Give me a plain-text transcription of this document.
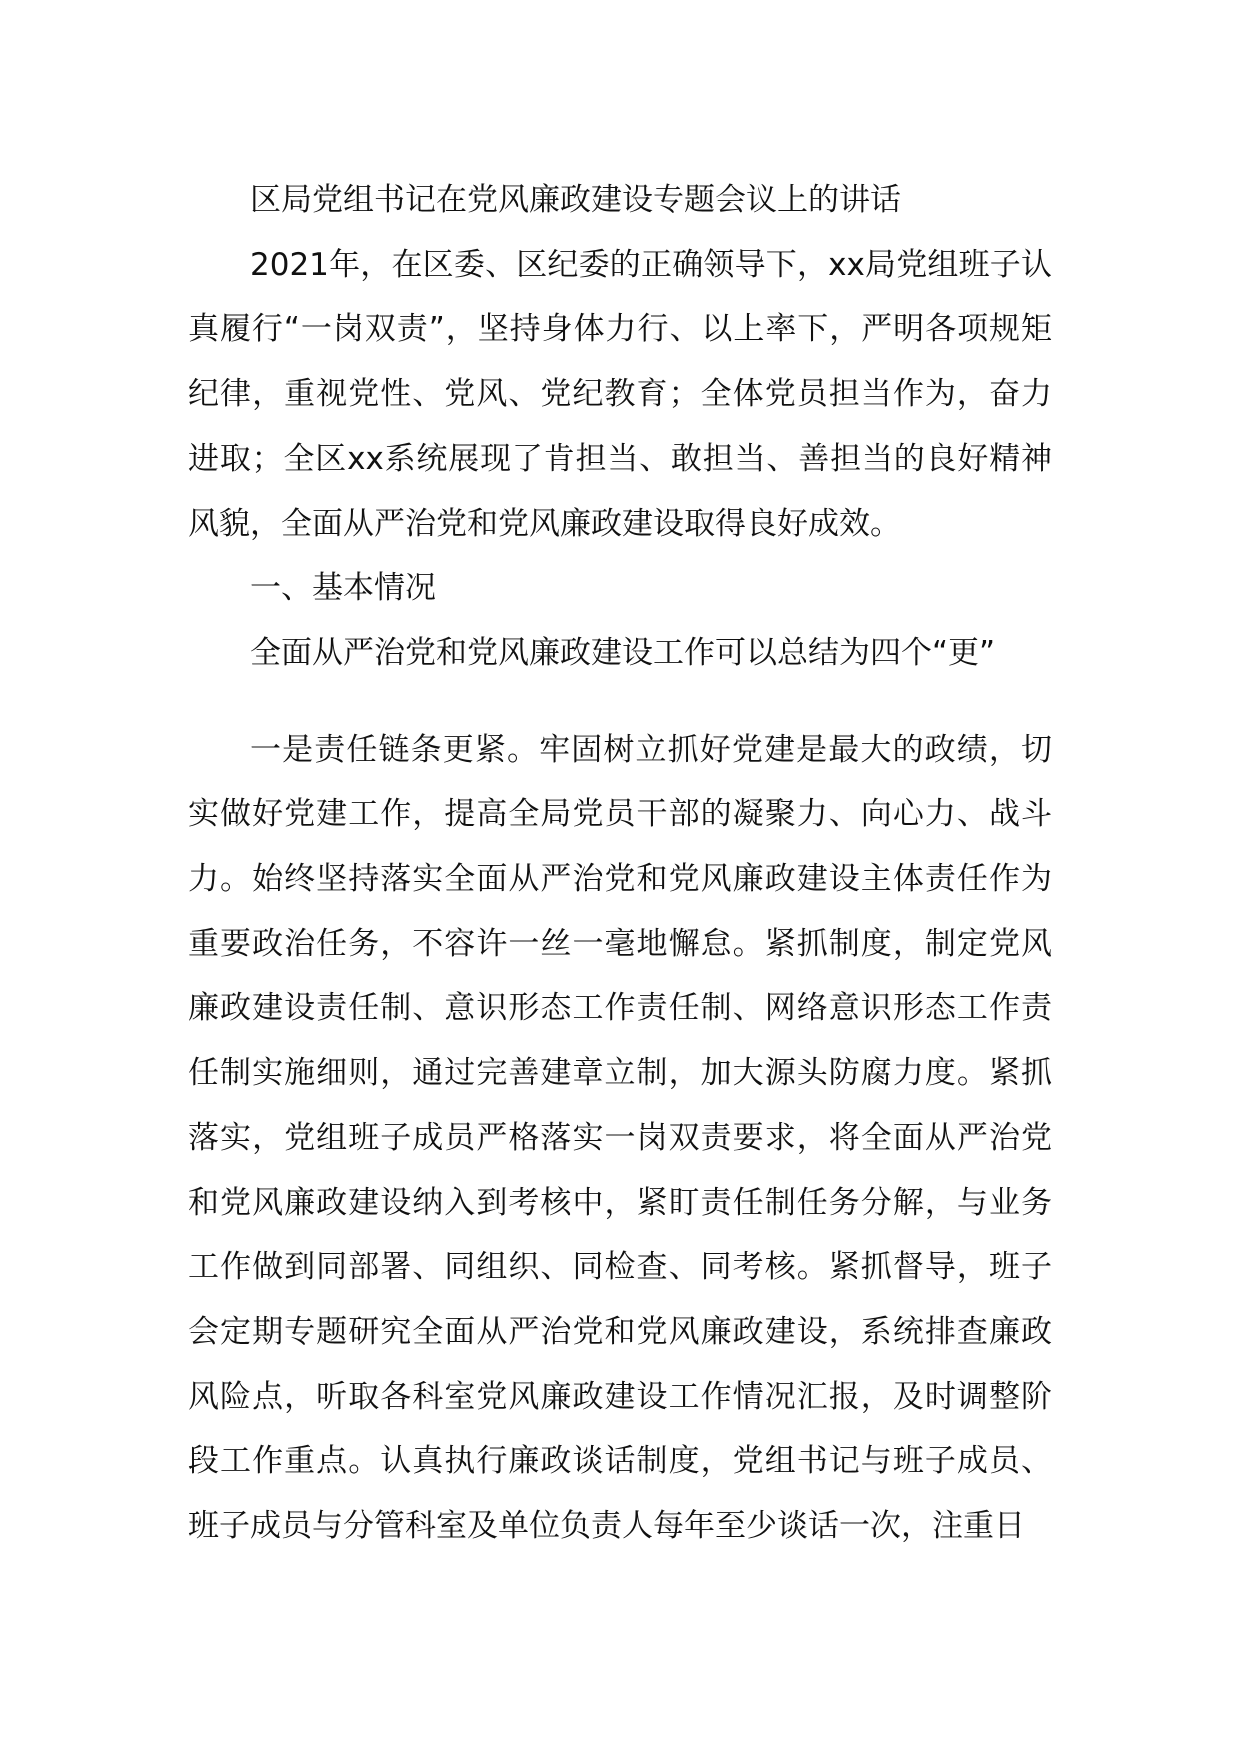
区局党组书记在党风廉政建设专题会议上的讲话

2021年，在区委、区纪委的正确领导下，xx局党组班子认真履行“一岗双责”，坚持身体力行、以上率下，严明各项规矩纪律，重视党性、党风、党纪教育；全体党员担当作为，奋力进取；全区xx系统展现了肯担当、敢担当、善担当的良好精神风貌，全面从严治党和党风廉政建设取得良好成效。

一、基本情况

全面从严治党和党风廉政建设工作可以总结为四个“更”

一是责任链条更紧。牢固树立抓好党建是最大的政绩，切实做好党建工作，提高全局党员干部的凝聚力、向心力、战斗力。始终坚持落实全面从严治党和党风廉政建设主体责任作为重要政治任务，不容许一丝一毫地懈怠。紧抓制度，制定党风廉政建设责任制、意识形态工作责任制、网络意识形态工作责任制实施细则，通过完善建章立制，加大源头防腐力度。紧抓落实，党组班子成员严格落实一岗双责要求，将全面从严治党和党风廉政建设纳入到考核中，紧盯责任制任务分解，与业务工作做到同部署、同组织、同检查、同考核。紧抓督导，班子会定期专题研究全面从严治党和党风廉政建设，系统排查廉政风险点，听取各科室党风廉政建设工作情况汇报，及时调整阶段工作重点。认真执行廉政谈话制度，党组书记与班子成员、班子成员与分管科室及单位负责人每年至少谈话一次，注重日
